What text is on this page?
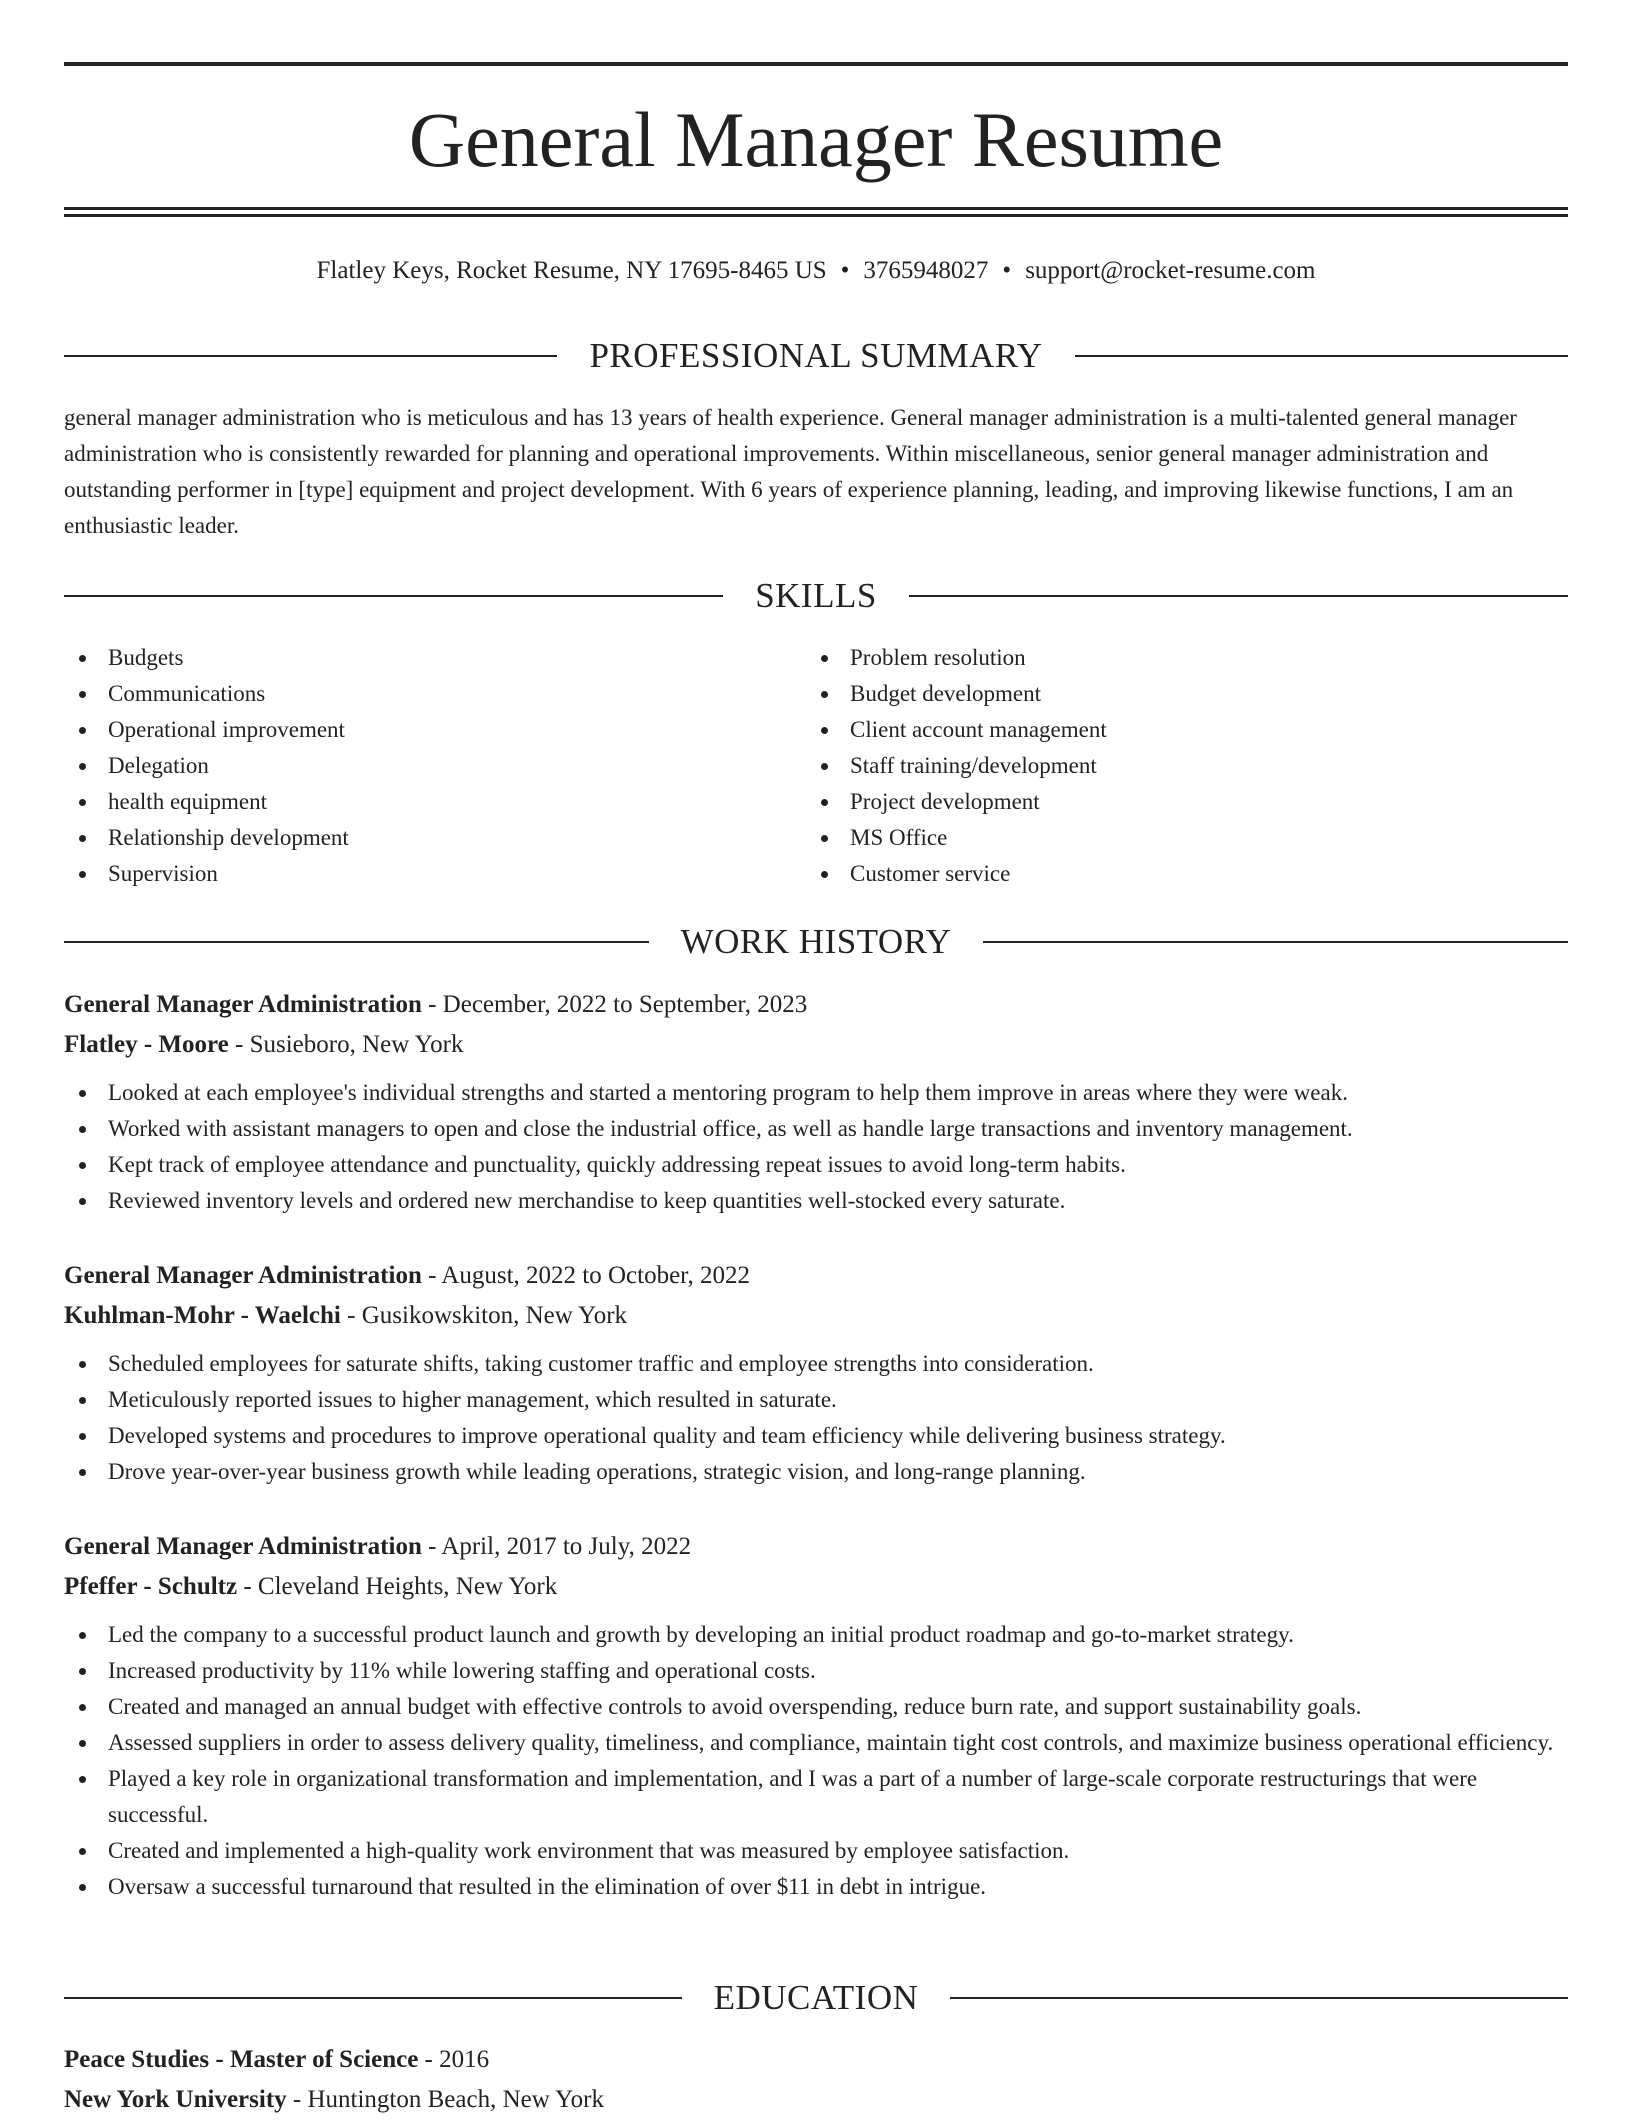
General Manager Resume
Flatley Keys, Rocket Resume, NY 17695-8465 US • 3765948027 • support@rocket-resume.com
PROFESSIONAL SUMMARY

general manager administration who is meticulous and has 13 years of health experience. General manager administration is a multi-talented general manager administration who is consistently rewarded for planning and operational improvements. Within miscellaneous, senior general manager administration and outstanding performer in [type] equipment and project development. With 6 years of experience planning, leading, and improving likewise functions, I am an enthusiastic leader.

SKILLS
Budgets
Communications
Operational improvement
Delegation
health equipment
Relationship development
Supervision
Problem resolution
Budget development
Client account management
Staff training/development
Project development
MS Office
Customer service
WORK HISTORY
General Manager Administration - December, 2022 to September, 2023
Flatley - Moore - Susieboro, New York
Looked at each employee's individual strengths and started a mentoring program to help them improve in areas where they were weak.
Worked with assistant managers to open and close the industrial office, as well as handle large transactions and inventory management.
Kept track of employee attendance and punctuality, quickly addressing repeat issues to avoid long-term habits.
Reviewed inventory levels and ordered new merchandise to keep quantities well-stocked every saturate.
General Manager Administration - August, 2022 to October, 2022
Kuhlman-Mohr - Waelchi - Gusikowskiton, New York
Scheduled employees for saturate shifts, taking customer traffic and employee strengths into consideration.
Meticulously reported issues to higher management, which resulted in saturate.
Developed systems and procedures to improve operational quality and team efficiency while delivering business strategy.
Drove year-over-year business growth while leading operations, strategic vision, and long-range planning.
General Manager Administration - April, 2017 to July, 2022
Pfeffer - Schultz - Cleveland Heights, New York
Led the company to a successful product launch and growth by developing an initial product roadmap and go-to-market strategy.
Increased productivity by 11% while lowering staffing and operational costs.
Created and managed an annual budget with effective controls to avoid overspending, reduce burn rate, and support sustainability goals.
Assessed suppliers in order to assess delivery quality, timeliness, and compliance, maintain tight cost controls, and maximize business operational efficiency.
Played a key role in organizational transformation and implementation, and I was a part of a number of large-scale corporate restructurings that were successful.
Created and implemented a high-quality work environment that was measured by employee satisfaction.
Oversaw a successful turnaround that resulted in the elimination of over $11 in debt in intrigue.
EDUCATION
Peace Studies - Master of Science - 2016
New York University - Huntington Beach, New York
